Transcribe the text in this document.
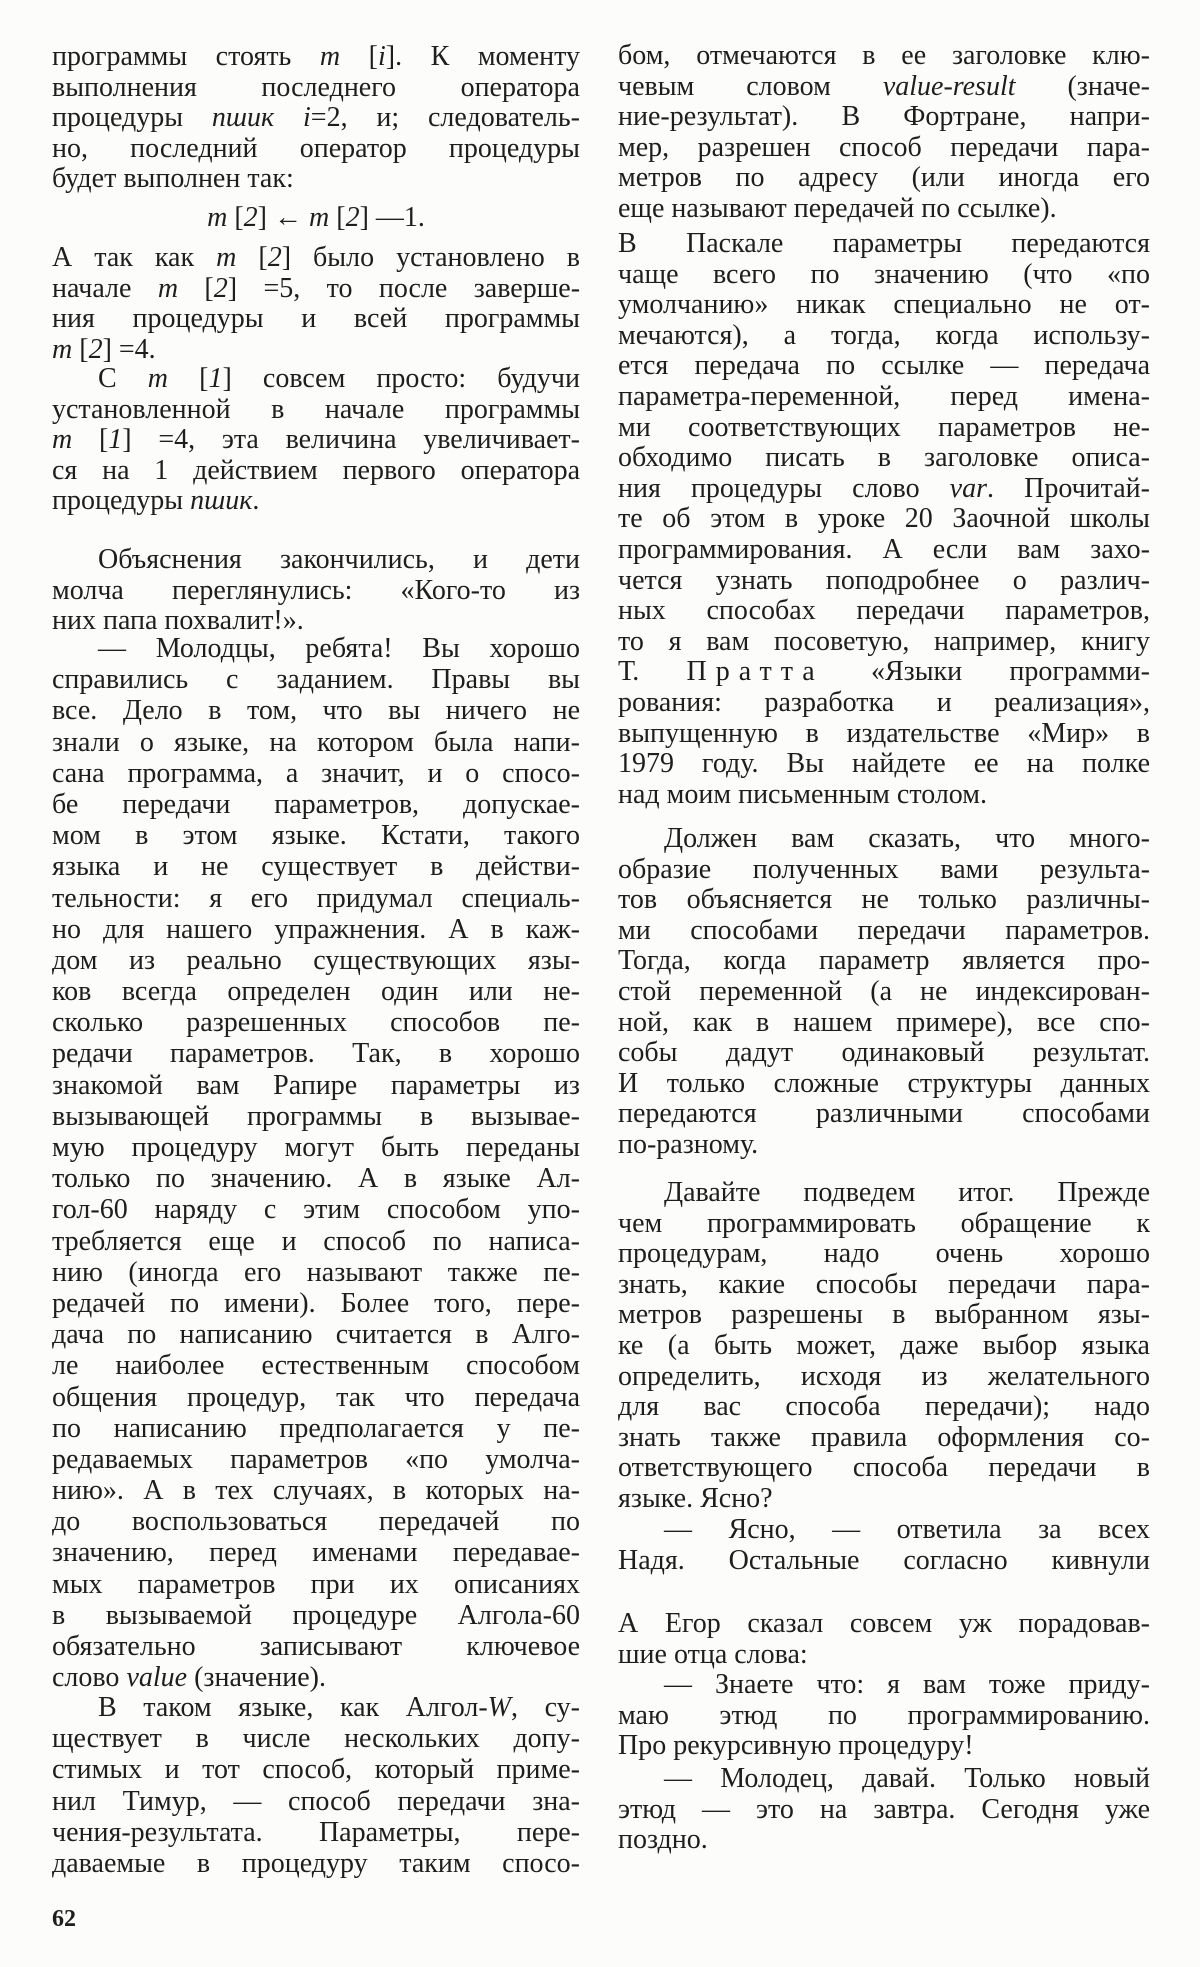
программы стоять m [i]. К моменту
выполнения последнего оператора
процедуры пшик i=2, и; следователь-
но, последний оператор процедуры
будет выполнен так:
m [2] ← m [2] —1.
А так как m [2] было установлено в
начале m [2] =5, то после заверше-
ния процедуры и всей программы
m [2] =4.
С m [1] совсем просто: будучи
установленной в начале программы
m [1] =4, эта величина увеличивает-
ся на 1 действием первого оператора
процедуры пшик.
Объяснения закончились, и дети
молча переглянулись: «Кого-то из
них папа похвалит!».
— Молодцы, ребята! Вы хорошо
справились с заданием. Правы вы
все. Дело в том, что вы ничего не
знали о языке, на котором была напи-
сана программа, а значит, и о спосо-
бе передачи параметров, допускае-
мом в этом языке. Кстати, такого
языка и не существует в действи-
тельности: я его придумал специаль-
но для нашего упражнения. А в каж-
дом из реально существующих язы-
ков всегда определен один или не-
сколько разрешенных способов пе-
редачи параметров. Так, в хорошо
знакомой вам Рапире параметры из
вызывающей программы в вызывае-
мую процедуру могут быть переданы
только по значению. А в языке Ал-
гол-60 наряду с этим способом упо-
требляется еще и способ по написа-
нию (иногда его называют также пе-
редачей по имени). Более того, пере-
дача по написанию считается в Алго-
ле наиболее естественным способом
общения процедур, так что передача
по написанию предполагается у пе-
редаваемых параметров «по умолча-
нию». А в тех случаях, в которых на-
до воспользоваться передачей по
значению, перед именами передавае-
мых параметров при их описаниях
в вызываемой процедуре Алгола-60
обязательно записывают ключевое
слово value (значение).
В таком языке, как Алгол-W, су-
ществует в числе нескольких допу-
стимых и тот способ, который приме-
нил Тимур, — способ передачи зна-
чения-результата. Параметры, пере-
даваемые в процедуру таким спосо-
бом, отмечаются в ее заголовке клю-
чевым словом value-result (значе-
ние-результат). В Фортране, напри-
мер, разрешен способ передачи пара-
метров по адресу (или иногда его
еще называют передачей по ссылке).
В Паскале параметры передаются
чаще всего по значению (что «по
умолчанию» никак специально не от-
мечаются), а тогда, когда использу-
ется передача по ссылке — передача
параметра-переменной, перед имена-
ми соответствующих параметров не-
обходимо писать в заголовке описа-
ния процедуры слово var. Прочитай-
те об этом в уроке 20 Заочной школы
программирования. А если вам захо-
чется узнать поподробнее о различ-
ных способах передачи параметров,
то я вам посоветую, например, книгу
Т. Пратта «Языки программи-
рования: разработка и реализация»,
выпущенную в издательстве «Мир» в
1979 году. Вы найдете ее на полке
над моим письменным столом.
Должен вам сказать, что много-
образие полученных вами результа-
тов объясняется не только различны-
ми способами передачи параметров.
Тогда, когда параметр является про-
стой переменной (а не индексирован-
ной, как в нашем примере), все спо-
собы дадут одинаковый результат.
И только сложные структуры данных
передаются различными способами
по-разному.
Давайте подведем итог. Прежде
чем программировать обращение к
процедурам, надо очень хорошо
знать, какие способы передачи пара-
метров разрешены в выбранном язы-
ке (а быть может, даже выбор языка
определить, исходя из желательного
для вас способа передачи); надо
знать также правила оформления со-
ответствующего способа передачи в
языке. Ясно?
— Ясно, — ответила за всех
Надя. Остальные согласно кивнули
А Егор сказал совсем уж порадовав-
шие отца слова:
— Знаете что: я вам тоже приду-
маю этюд по программированию.
Про рекурсивную процедуру!
— Молодец, давай. Только новый
этюд — это на завтра. Сегодня уже
поздно.
62
